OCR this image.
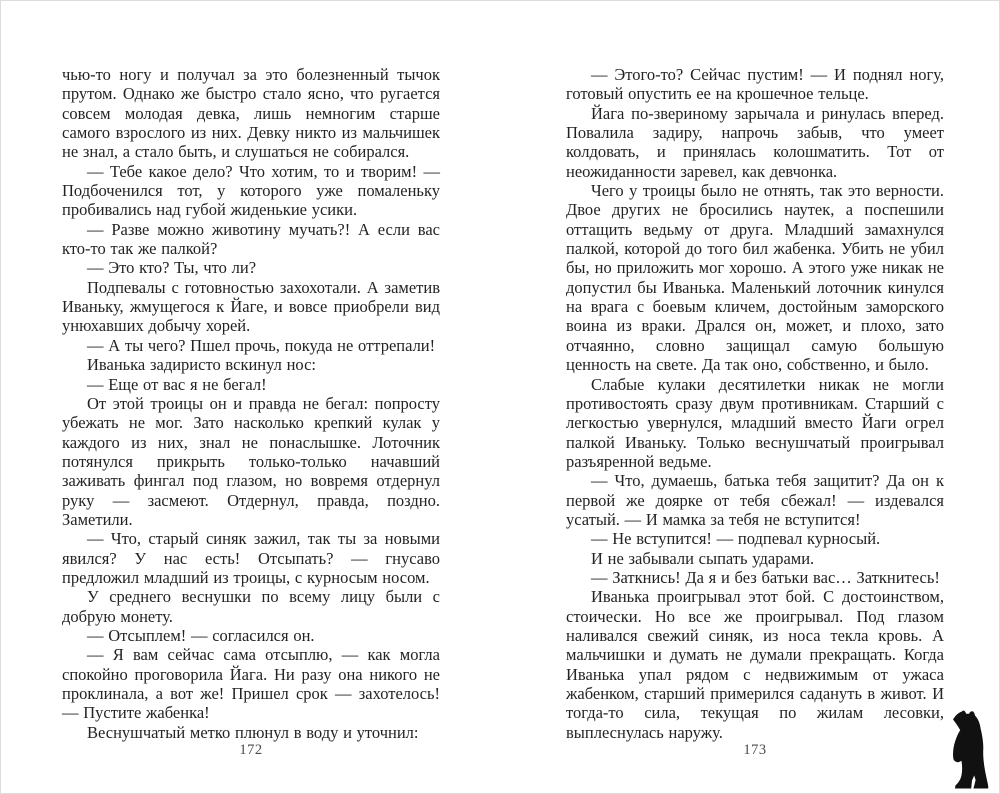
чью-то ногу и получал за это болезненный тычок прутом. Однако же быстро стало ясно, что ругается совсем молодая девка, лишь немногим старше самого взрослого из них. Девку никто из мальчишек не знал, а стало быть, и слушаться не собирался.

— Тебе какое дело? Что хотим, то и творим! — Подбоченился тот, у которого уже помаленьку пробивались над губой жиденькие усики.

— Разве можно животину мучать?! А если вас кто-то так же палкой?

— Это кто? Ты, что ли?

Подпевалы с готовностью захохотали. А заметив Иваньку, жмущегося к Йаге, и вовсе приобрели вид унюхавших добычу хорей.

— А ты чего? Пшел прочь, покуда не оттрепали!

Иванька задиристо вскинул нос:

— Еще от вас я не бегал!

От этой троицы он и правда не бегал: попросту убежать не мог. Зато насколько крепкий кулак у каждого из них, знал не понаслышке. Лоточник потянулся прикрыть только-только начавший заживать фингал под глазом, но вовремя отдернул руку — засмеют. Отдернул, правда, поздно. Заметили.

— Что, старый синяк зажил, так ты за новыми явился? У нас есть! Отсыпать? — гнусаво предложил младший из троицы, с курносым носом.

У среднего веснушки по всему лицу были с добрую монету.

— Отсыплем! — согласился он.

— Я вам сейчас сама отсыплю, — как могла спокойно проговорила Йага. Ни разу она никого не проклинала, а вот же! Пришел срок — захотелось! — Пустите жабенка!

Веснушчатый метко плюнул в воду и уточнил:

172

— Этого-то? Сейчас пустим! — И поднял ногу, готовый опустить ее на крошечное тельце.

Йага по-звериному зарычала и ринулась вперед. Повалила задиру, напрочь забыв, что умеет колдовать, и принялась колошматить. Тот от неожиданности заревел, как девчонка.

Чего у троицы было не отнять, так это верности. Двое других не бросились наутек, а поспешили оттащить ведьму от друга. Младший замахнулся палкой, которой до того бил жабенка. Убить не убил бы, но приложить мог хорошо. А этого уже никак не допустил бы Иванька. Маленький лоточник кинулся на врага с боевым кличем, достойным заморского воина из враки. Дрался он, может, и плохо, зато отчаянно, словно защищал самую большую ценность на свете. Да так оно, собственно, и было.

Слабые кулаки десятилетки никак не могли противостоять сразу двум противникам. Старший с легкостью увернулся, младший вместо Йаги огрел палкой Иваньку. Только веснушчатый проигрывал разъяренной ведьме.

— Что, думаешь, батька тебя защитит? Да он к первой же доярке от тебя сбежал! — издевался усатый. — И мамка за тебя не вступится!

— Не вступится! — подпевал курносый.

И не забывали сыпать ударами.

— Заткнись! Да я и без батьки вас… Заткнитесь!

Иванька проигрывал этот бой. С достоинством, стоически. Но все же проигрывал. Под глазом наливался свежий синяк, из носа текла кровь. А мальчишки и думать не думали прекращать. Когда Иванька упал рядом с недвижимым от ужаса жабенком, старший примерился садануть в живот. И тогда-то сила, текущая по жилам лесовки, выплеснулась наружу.

173
